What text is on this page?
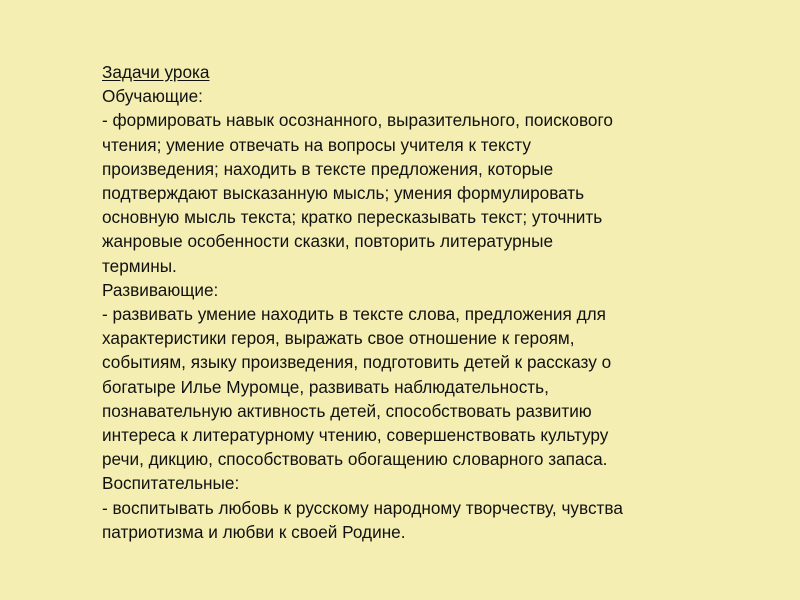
Задачи урока
Обучающие:
- формировать навык осознанного, выразительного, поискового
чтения; умение отвечать на вопросы учителя к тексту
произведения; находить в тексте предложения, которые
подтверждают высказанную мысль; умения формулировать
основную мысль текста; кратко пересказывать текст; уточнить
жанровые особенности сказки, повторить литературные
термины.
Развивающие:
- развивать умение находить в тексте слова, предложения для
характеристики героя, выражать свое отношение к героям,
событиям, языку произведения, подготовить детей к рассказу о
богатыре Илье Муромце, развивать наблюдательность,
познавательную активность детей, способствовать развитию
интереса к литературному чтению, совершенствовать культуру
речи, дикцию, способствовать обогащению словарного запаса.
Воспитательные:
- воспитывать любовь к русскому народному творчеству, чувства
патриотизма и любви к своей Родине.
